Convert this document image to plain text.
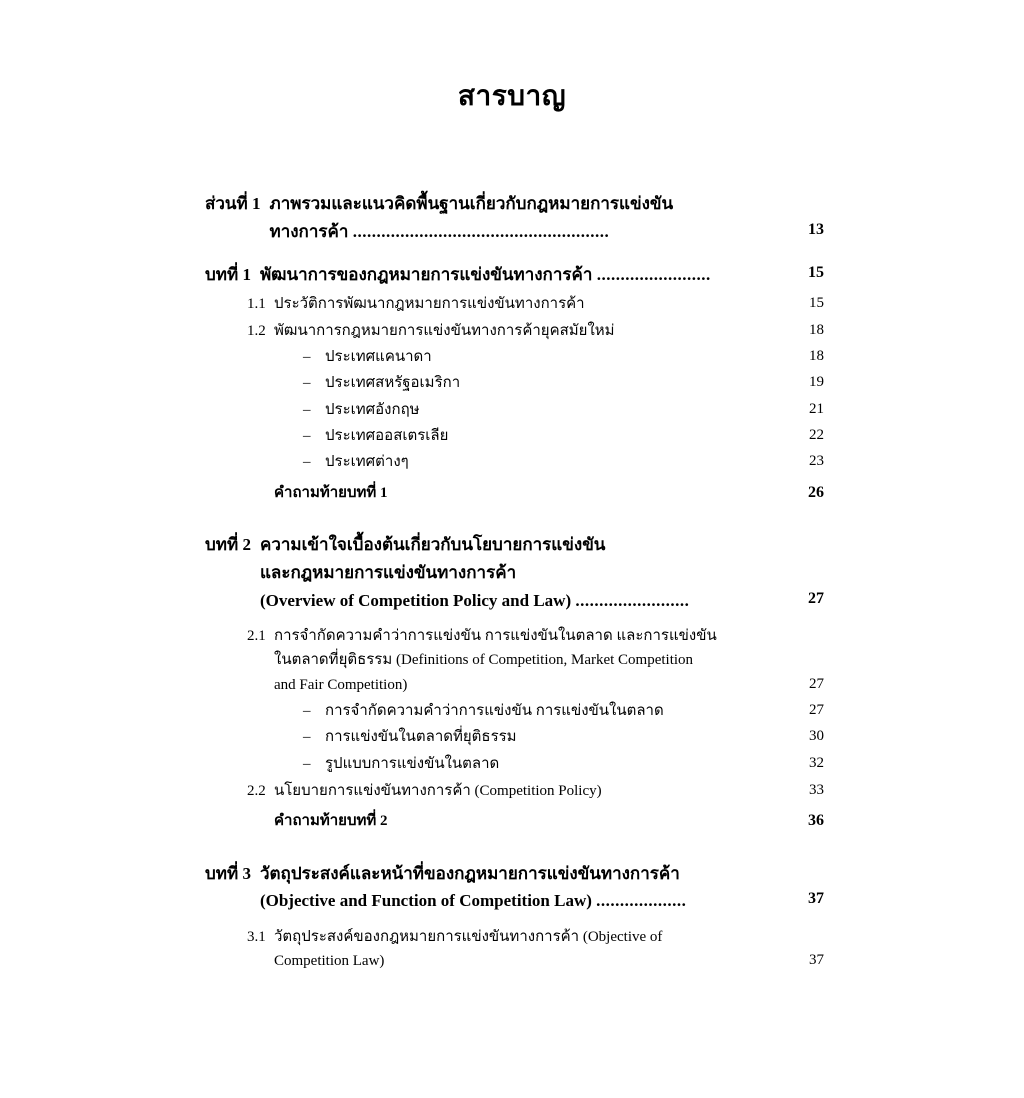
สารบาญ
ส่วนที่ 1 ภาพรวมและแนวคิดพื้นฐานเกี่ยวกับกฎหมายการแข่งขัน
ทางการค้า ......................................................	13
บทที่ 1 พัฒนาการของกฎหมายการแข่งขันทางการค้า ........................	15
1.1 ประวัติการพัฒนากฎหมายการแข่งขันทางการค้า	15
1.2 พัฒนาการกฎหมายการแข่งขันทางการค้ายุคสมัยใหม่	18
– ประเทศแคนาดา	18
– ประเทศสหรัฐอเมริกา	19
– ประเทศอังกฤษ	21
– ประเทศออสเตรเลีย	22
– ประเทศต่างๆ	23
คำถามท้ายบทที่ 1	26
บทที่ 2 ความเข้าใจเบื้องต้นเกี่ยวกับนโยบายการแข่งขัน
และกฎหมายการแข่งขันทางการค้า
(Overview of Competition Policy and Law) ........................	27
2.1 การจำกัดความคำว่าการแข่งขัน การแข่งขันในตลาด และการแข่งขัน
ในตลาดที่ยุติธรรม (Definitions of Competition, Market Competition
and Fair Competition)	27
– การจำกัดความคำว่าการแข่งขัน การแข่งขันในตลาด	27
– การแข่งขันในตลาดที่ยุติธรรม	30
– รูปแบบการแข่งขันในตลาด	32
2.2 นโยบายการแข่งขันทางการค้า (Competition Policy)	33
คำถามท้ายบทที่ 2	36
บทที่ 3 วัตถุประสงค์และหน้าที่ของกฎหมายการแข่งขันทางการค้า
(Objective and Function of Competition Law) ...................	37
3.1 วัตถุประสงค์ของกฎหมายการแข่งขันทางการค้า (Objective of
Competition Law)	37
